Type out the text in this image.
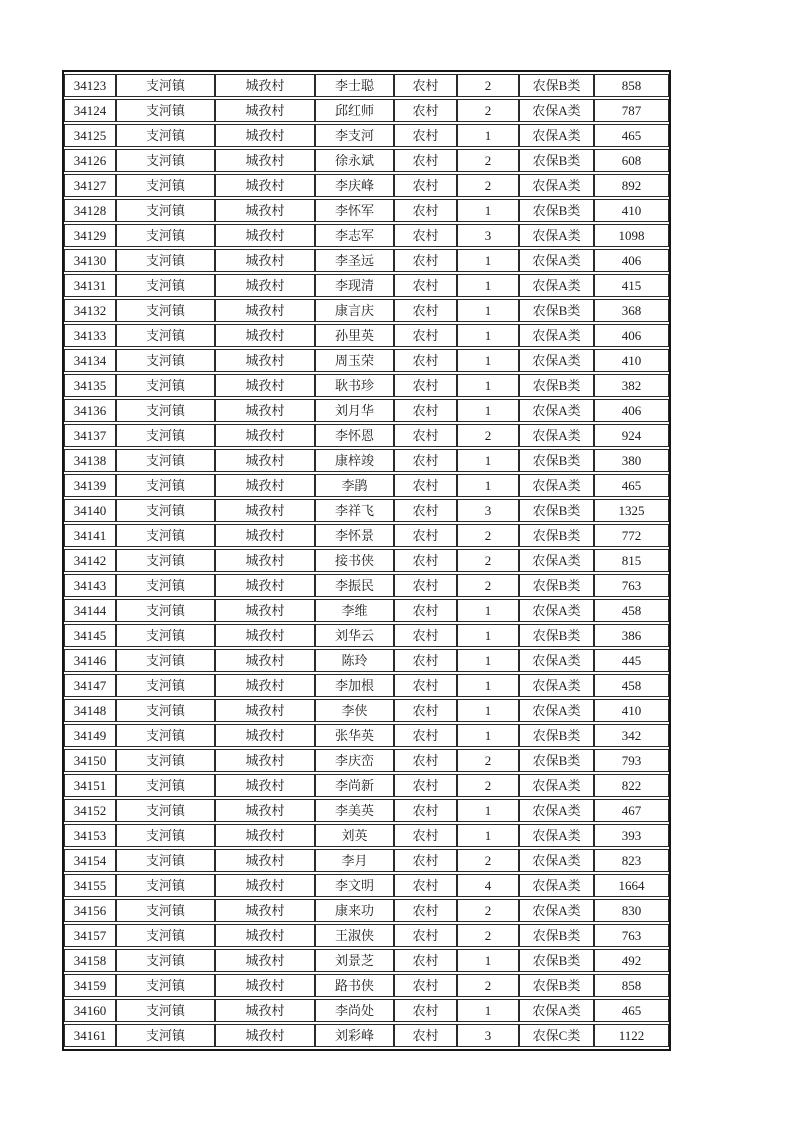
34123	支河镇	城孜村	李士聪	农村	2	农保B类	858
34124	支河镇	城孜村	邱红师	农村	2	农保A类	787
34125	支河镇	城孜村	李支河	农村	1	农保A类	465
34126	支河镇	城孜村	徐永斌	农村	2	农保B类	608
34127	支河镇	城孜村	李庆峰	农村	2	农保A类	892
34128	支河镇	城孜村	李怀军	农村	1	农保B类	410
34129	支河镇	城孜村	李志军	农村	3	农保A类	1098
34130	支河镇	城孜村	李圣远	农村	1	农保A类	406
34131	支河镇	城孜村	李现清	农村	1	农保A类	415
34132	支河镇	城孜村	康言庆	农村	1	农保B类	368
34133	支河镇	城孜村	孙里英	农村	1	农保A类	406
34134	支河镇	城孜村	周玉荣	农村	1	农保A类	410
34135	支河镇	城孜村	耿书珍	农村	1	农保B类	382
34136	支河镇	城孜村	刘月华	农村	1	农保A类	406
34137	支河镇	城孜村	李怀恩	农村	2	农保A类	924
34138	支河镇	城孜村	康梓竣	农村	1	农保B类	380
34139	支河镇	城孜村	李鹃	农村	1	农保A类	465
34140	支河镇	城孜村	李祥飞	农村	3	农保B类	1325
34141	支河镇	城孜村	李怀景	农村	2	农保B类	772
34142	支河镇	城孜村	接书侠	农村	2	农保A类	815
34143	支河镇	城孜村	李振民	农村	2	农保B类	763
34144	支河镇	城孜村	李维	农村	1	农保A类	458
34145	支河镇	城孜村	刘华云	农村	1	农保B类	386
34146	支河镇	城孜村	陈玲	农村	1	农保A类	445
34147	支河镇	城孜村	李加根	农村	1	农保A类	458
34148	支河镇	城孜村	李侠	农村	1	农保A类	410
34149	支河镇	城孜村	张华英	农村	1	农保B类	342
34150	支河镇	城孜村	李庆峦	农村	2	农保B类	793
34151	支河镇	城孜村	李尚新	农村	2	农保A类	822
34152	支河镇	城孜村	李美英	农村	1	农保A类	467
34153	支河镇	城孜村	刘英	农村	1	农保A类	393
34154	支河镇	城孜村	李月	农村	2	农保A类	823
34155	支河镇	城孜村	李文明	农村	4	农保A类	1664
34156	支河镇	城孜村	康来功	农村	2	农保A类	830
34157	支河镇	城孜村	王淑侠	农村	2	农保B类	763
34158	支河镇	城孜村	刘景芝	农村	1	农保B类	492
34159	支河镇	城孜村	路书侠	农村	2	农保B类	858
34160	支河镇	城孜村	李尚处	农村	1	农保A类	465
34161	支河镇	城孜村	刘彩峰	农村	3	农保C类	1122
